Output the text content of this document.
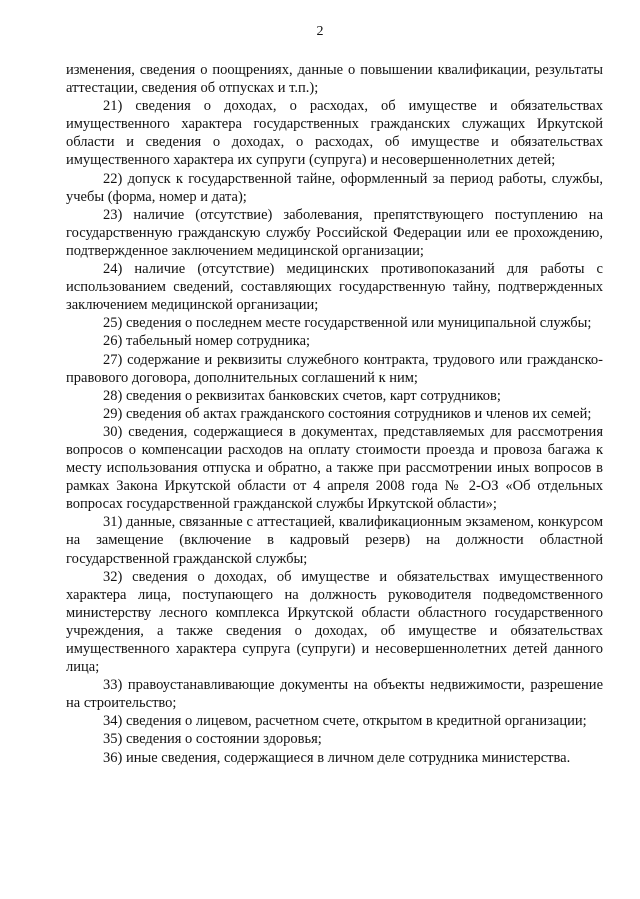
2

изменения, сведения о поощрениях, данные о повышении квалификации, результаты аттестации, сведения об отпусках и т.п.);

21) сведения о доходах, о расходах, об имуществе и обязательствах имущественного характера государственных гражданских служащих Иркутской области и сведения о доходах, о расходах, об имуществе и обязательствах имущественного характера их супруги (супруга) и несовершеннолетних детей;

22) допуск к государственной тайне, оформленный за период работы, службы, учебы (форма, номер и дата);

23) наличие (отсутствие) заболевания, препятствующего поступлению на государственную гражданскую службу Российской Федерации или ее прохождению, подтвержденное заключением медицинской организации;

24) наличие (отсутствие) медицинских противопоказаний для работы с использованием сведений, составляющих государственную тайну, подтвержденных заключением медицинской организации;

25) сведения о последнем месте государственной или муниципальной службы;

26) табельный номер сотрудника;

27) содержание и реквизиты служебного контракта, трудового или гражданско-правового договора, дополнительных соглашений к ним;

28) сведения о реквизитах банковских счетов, карт сотрудников;

29) сведения об актах гражданского состояния сотрудников и членов их семей;

30) сведения, содержащиеся в документах, представляемых для рассмотрения вопросов о компенсации расходов на оплату стоимости проезда и провоза багажа к месту использования отпуска и обратно, а также при рассмотрении иных вопросов в рамках Закона Иркутской области от 4 апреля 2008 года № 2-ОЗ «Об отдельных вопросах государственной гражданской службы Иркутской области»;

31) данные, связанные с аттестацией, квалификационным экзаменом, конкурсом на замещение (включение в кадровый резерв) на должности областной государственной гражданской службы;

32) сведения о доходах, об имуществе и обязательствах имущественного характера лица, поступающего на должность руководителя подведомственного министерству лесного комплекса Иркутской области областного государственного учреждения, а также сведения о доходах, об имуществе и обязательствах имущественного характера супруга (супруги) и несовершеннолетних детей данного лица;

33) правоустанавливающие документы на объекты недвижимости, разрешение на строительство;

34) сведения о лицевом, расчетном счете, открытом в кредитной организации;

35) сведения о состоянии здоровья;

36) иные сведения, содержащиеся в личном деле сотрудника министерства.
